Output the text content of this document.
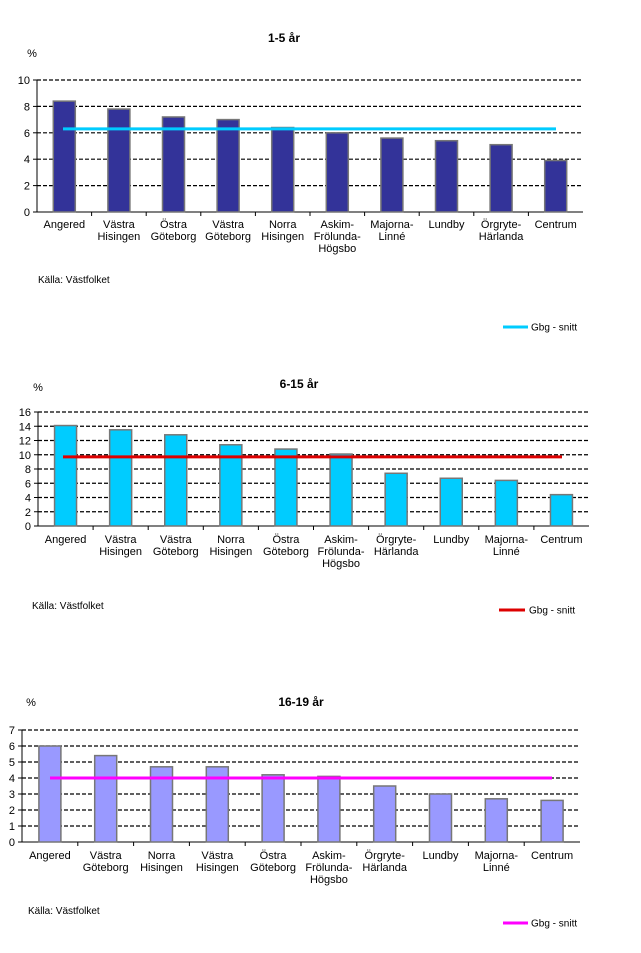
1-5 år
%
0
2
4
6
8
10
Angered	Västra Hisingen
Östra Göteborg
Västra Göteborg
Norra Hisingen
Askim-Frölunda-Högsbo
Majorna-Linné
Lundby Örgryte-Härlanda
Centrum
Källa: Västfolket
Gbg - snitt
6-15 år
%
0
2
4
6
8
10
12
14
16
Angered	Västra Hisingen
Västra Göteborg
Norra Hisingen
Östra Göteborg
Askim-Frölunda-Högsbo
Örgryte-Härlanda
Lundby Majorna-Linné
Centrum
Källa: Västfolket	Gbg - snitt
16-19 år
%
0
1
2
3
4
5
6
7
Angered	Västra Göteborg
Norra Hisingen
Västra Hisingen
Östra Göteborg
Askim-Frölunda-Högsbo
Örgryte-Härlanda
Lundby Majorna-Linné
Centrum
Källa: Västfolket
Gbg - snitt
